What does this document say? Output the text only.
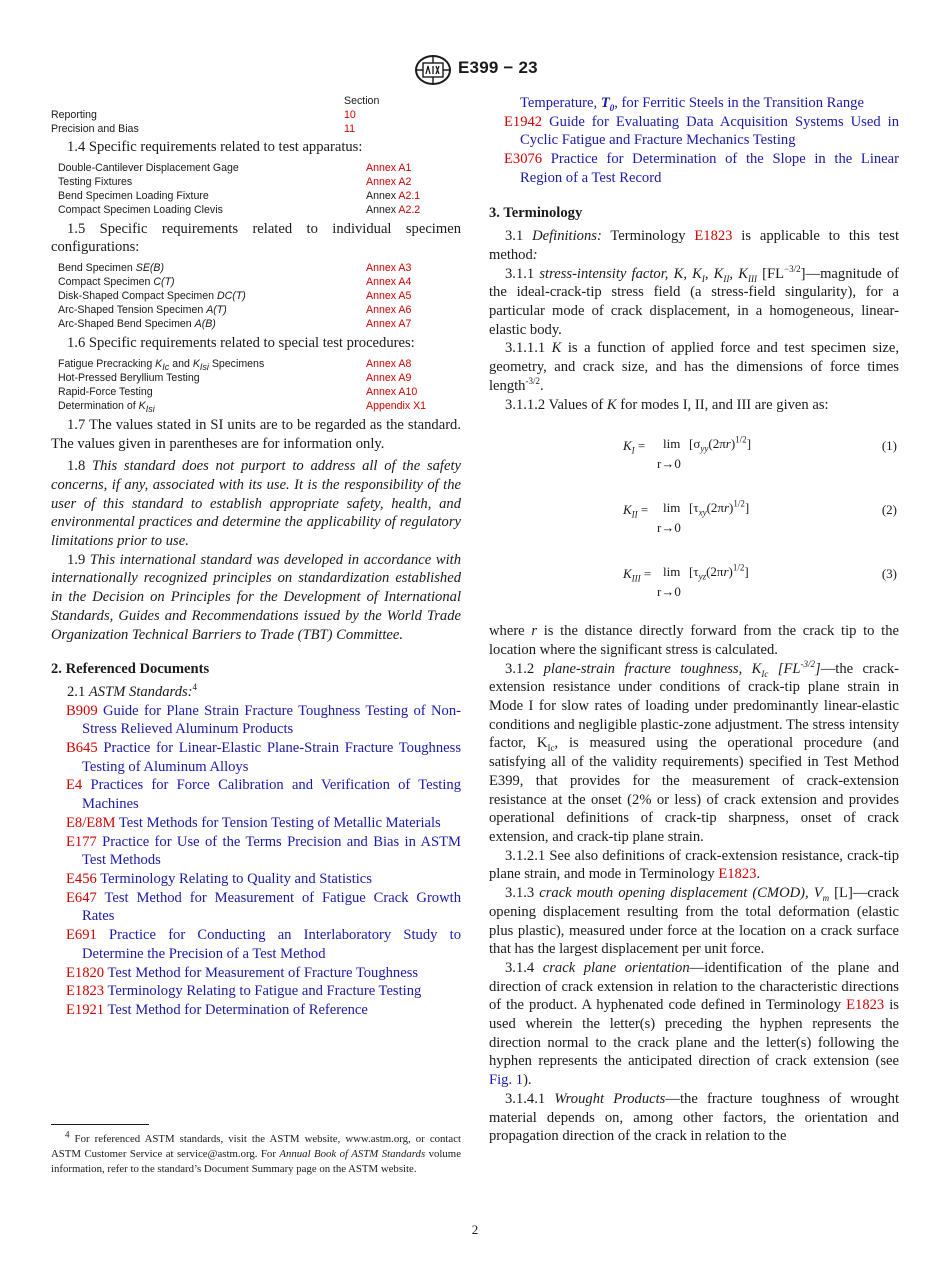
E399 − 23
Section
Reporting	10
Precision and Bias	11

1.4 Specific requirements related to test apparatus:

Double-Cantilever Displacement Gage	Annex A1
Testing Fixtures	Annex A2
Bend Specimen Loading Fixture	Annex A2.1
Compact Specimen Loading Clevis	Annex A2.2

1.5 Specific requirements related to individual specimen configurations:

Bend Specimen SE(B)	Annex A3
Compact Specimen C(T)	Annex A4
Disk-Shaped Compact Specimen DC(T)	Annex A5
Arc-Shaped Tension Specimen A(T)	Annex A6
Arc-Shaped Bend Specimen A(B)	Annex A7

1.6 Specific requirements related to special test procedures:

Fatigue Precracking $K_{Ic}$ and $K_{Isi}$ Specimens	Annex A8
Hot-Pressed Beryllium Testing	Annex A9
Rapid-Force Testing	Annex A10
Determination of $K_{Isi}$	Appendix X1

1.7 The values stated in SI units are to be regarded as the standard. The values given in parentheses are for information only.

1.8 This standard does not purport to address all of the safety concerns, if any, associated with its use. It is the responsibility of the user of this standard to establish appropriate safety, health, and environmental practices and determine the applicability of regulatory limitations prior to use.

1.9 This international standard was developed in accordance with internationally recognized principles on standardization established in the Decision on Principles for the Development of International Standards, Guides and Recommendations issued by the World Trade Organization Technical Barriers to Trade (TBT) Committee.

2. Referenced Documents

2.1 ASTM Standards:$^4$

B909 Guide for Plane Strain Fracture Toughness Testing of Non-Stress Relieved Aluminum Products

B645 Practice for Linear-Elastic Plane-Strain Fracture Toughness Testing of Aluminum Alloys

E4 Practices for Force Calibration and Verification of Testing Machines

E8/E8M Test Methods for Tension Testing of Metallic Materials

E177 Practice for Use of the Terms Precision and Bias in ASTM Test Methods

E456 Terminology Relating to Quality and Statistics

E647 Test Method for Measurement of Fatigue Crack Growth Rates

E691 Practice for Conducting an Interlaboratory Study to Determine the Precision of a Test Method

E1820 Test Method for Measurement of Fracture Toughness

E1823 Terminology Relating to Fatigue and Fracture Testing

E1921 Test Method for Determination of Reference

$^4$ For referenced ASTM standards, visit the ASTM website, www.astm.org, or contact ASTM Customer Service at service@astm.org. For Annual Book of ASTM Standards volume information, refer to the standard’s Document Summary page on the ASTM website.

Temperature, $T_0$, for Ferritic Steels in the Transition Range

E1942 Guide for Evaluating Data Acquisition Systems Used in Cyclic Fatigue and Fracture Mechanics Testing

E3076 Practice for Determination of the Slope in the Linear Region of a Test Record

3. Terminology

3.1 Definitions: Terminology E1823 is applicable to this test method:

3.1.1 stress-intensity factor, K, $K_I$, $K_{II}$, $K_{III}$ $[FL^{-3/2}]—magnitude$ of the ideal-crack-tip stress field (a stress-field singularity), for a particular mode of crack displacement, in a homogeneous, linear-elastic body.

3.1.1.1 K is a function of applied force and test specimen size, geometry, and crack size, and has the dimensions of force times length$^{-3/2}$.

3.1.1.2 Values of K for modes I, II, and III are given as:

$K_I = \lim$
r→0
$[\sigma_{yy}(2\pi r)^{1/2}]$	(1)
$K_{II} = \lim$
r→0
$[\tau_{xy}(2\pi r)^{1/2}]$	(2)
$K_{III} = \lim$
r→0
$[\tau_{yz}(2\pi r)^{1/2}]$	(3)

where r is the distance directly forward from the crack tip to the location where the significant stress is calculated.

3.1.2 plane-strain fracture toughness, $K_{Ic}$ $[FL^{-3/2}]—the$ crack-extension resistance under conditions of crack-tip plane strain in Mode I for slow rates of loading under predominantly linear-elastic conditions and negligible plastic-zone adjustment. The stress intensity factor, $K_{Ic}$, is measured using the operational procedure (and satisfying all of the validity requirements) specified in Test Method E399, that provides for the measurement of crack-extension resistance at the onset (2% or less) of crack extension and provides operational definitions of crack-tip sharpness, onset of crack extension, and crack-tip plane strain.

3.1.2.1 See also definitions of crack-extension resistance, crack-tip plane strain, and mode in Terminology E1823.

3.1.3 crack mouth opening displacement (CMOD), $V_m$ [L]—crack opening displacement resulting from the total deformation (elastic plus plastic), measured under force at the location on a crack surface that has the largest displacement per unit force.

3.1.4 crack plane orientation—identification of the plane and direction of crack extension in relation to the characteristic directions of the product. A hyphenated code defined in Terminology E1823 is used wherein the letter(s) preceding the hyphen represents the direction normal to the crack plane and the letter(s) following the hyphen represents the anticipated direction of crack extension (see Fig. 1).

3.1.4.1 Wrought Products—the fracture toughness of wrought material depends on, among other factors, the orientation and propagation direction of the crack in relation to the

2
